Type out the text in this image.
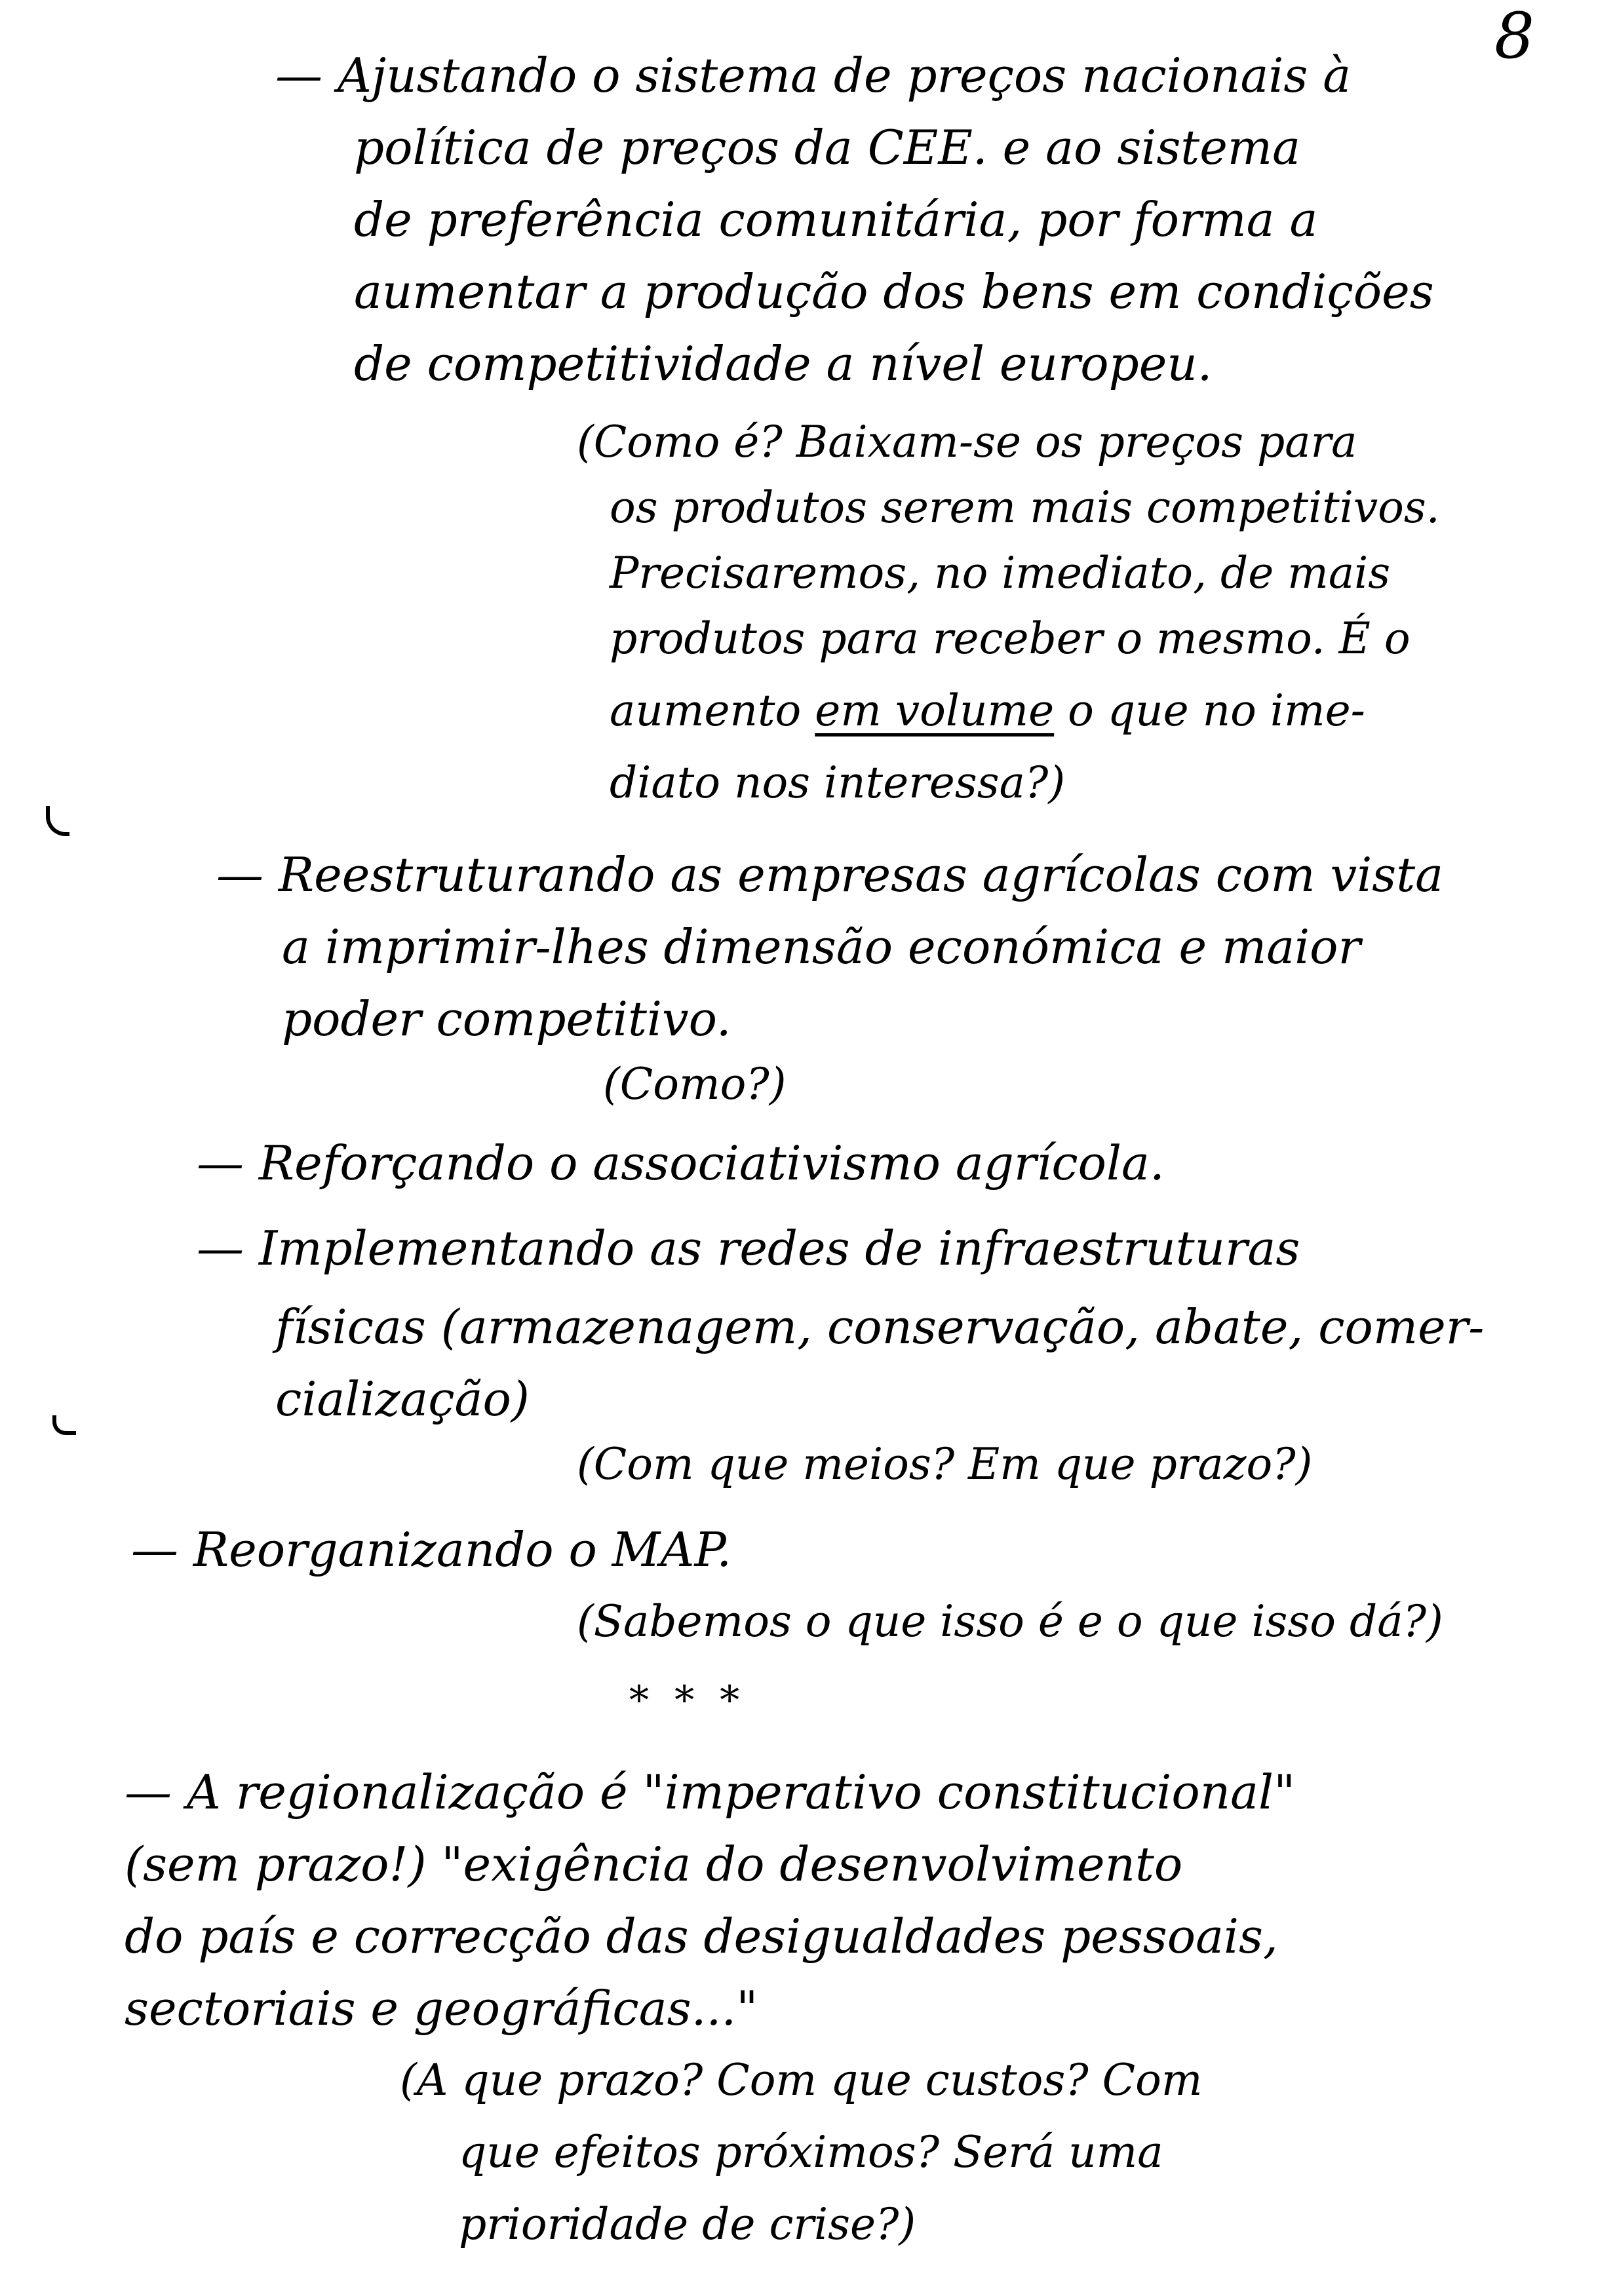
8
— Ajustando o sistema de preços nacionais à
política de preços da CEE. e ao sistema
de preferência comunitária, por forma a
aumentar a produção dos bens em condições
de competitividade a nível europeu.
(Como é? Baixam-se os preços para
os produtos serem mais competitivos.
Precisaremos, no imediato, de mais
produtos para receber o mesmo. É o
aumento em volume o que no ime-
diato nos interessa?)
— Reestruturando as empresas agrícolas com vista
a imprimir-lhes dimensão económica e maior
poder competitivo.
(Como?)
— Reforçando o associativismo agrícola.
— Implementando as redes de infraestruturas
físicas (armazenagem, conservação, abate, comer-
cialização)
(Com que meios? Em que prazo?)
— Reorganizando o MAP.
(Sabemos o que isso é e o que isso dá?)
* * *
— A regionalização é "imperativo constitucional"
(sem prazo!) "exigência do desenvolvimento
do país e correcção das desigualdades pessoais,
sectoriais e geográficas..."
(A que prazo? Com que custos? Com
que efeitos próximos? Será uma
prioridade de crise?)
